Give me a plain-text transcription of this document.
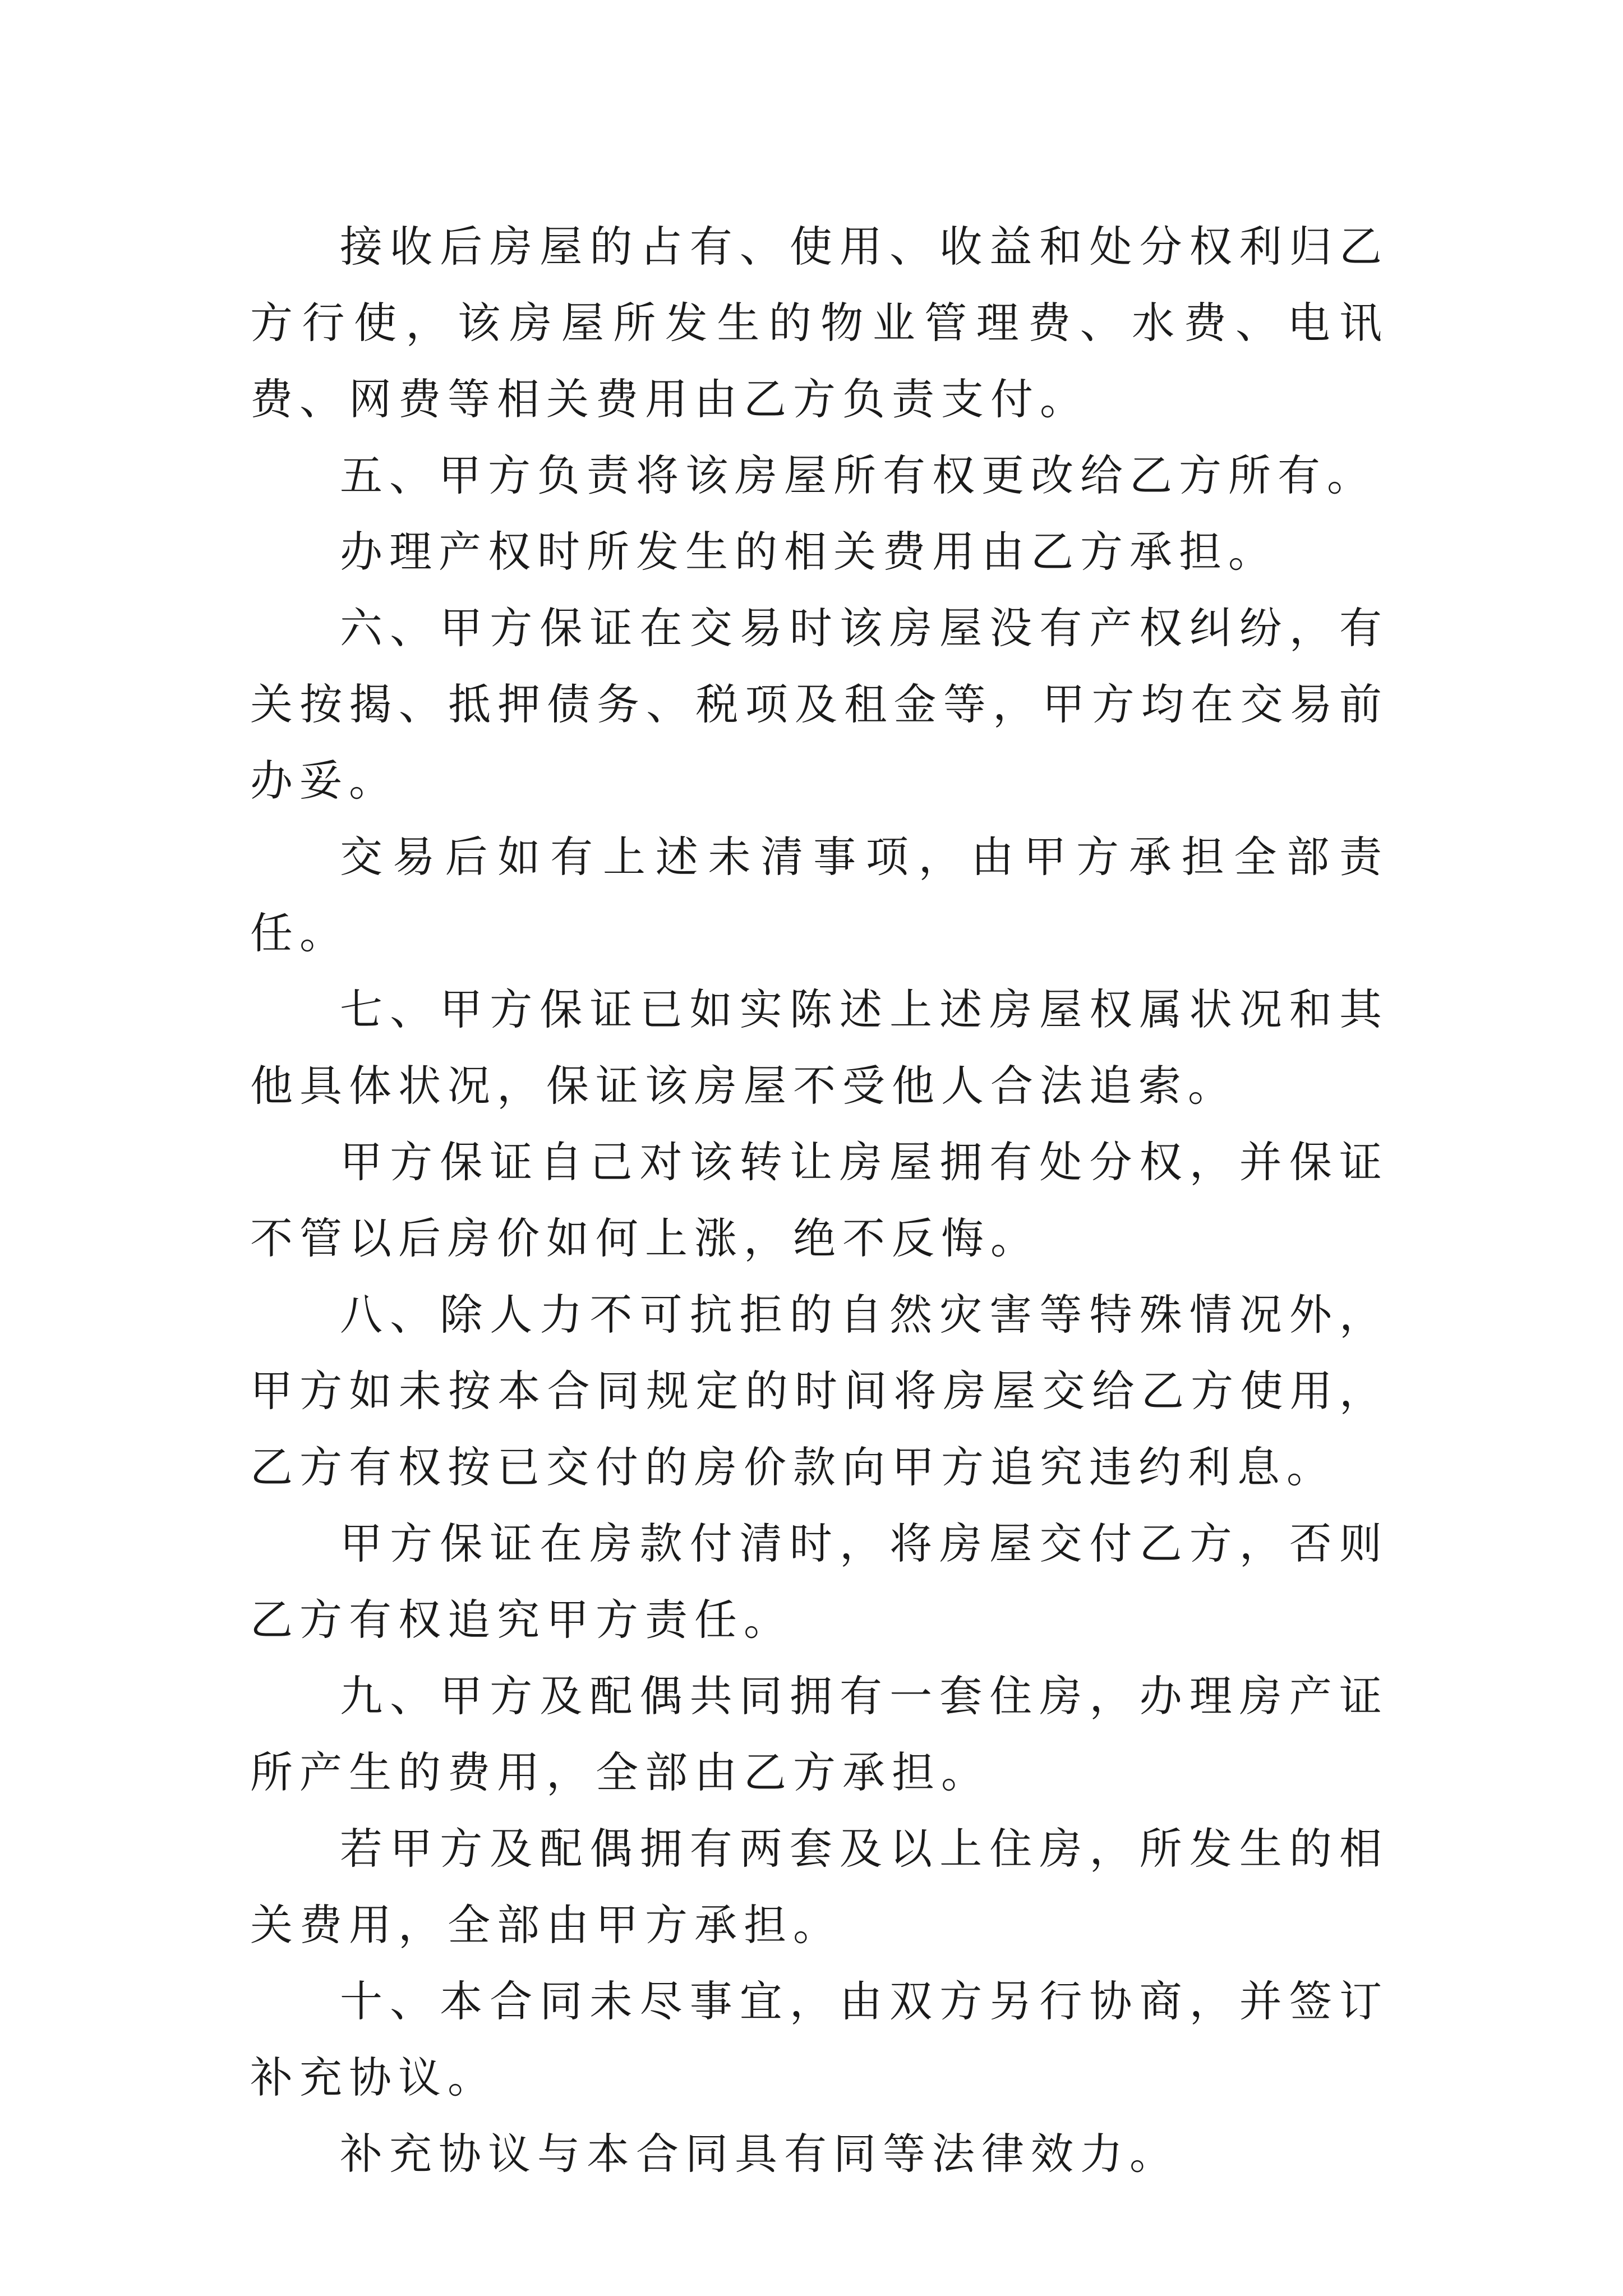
接收后房屋的占有、使用、收益和处分权利归乙方行使，该房屋所发生的物业管理费、水费、电讯费、网费等相关费用由乙方负责支付。

五、甲方负责将该房屋所有权更改给乙方所有。

办理产权时所发生的相关费用由乙方承担。

六、甲方保证在交易时该房屋没有产权纠纷，有关按揭、抵押债务、税项及租金等，甲方均在交易前办妥。

交易后如有上述未清事项，由甲方承担全部责任。

七、甲方保证已如实陈述上述房屋权属状况和其他具体状况，保证该房屋不受他人合法追索。

甲方保证自己对该转让房屋拥有处分权，并保证不管以后房价如何上涨，绝不反悔。

八、除人力不可抗拒的自然灾害等特殊情况外，甲方如未按本合同规定的时间将房屋交给乙方使用，乙方有权按已交付的房价款向甲方追究违约利息。

甲方保证在房款付清时，将房屋交付乙方，否则乙方有权追究甲方责任。

九、甲方及配偶共同拥有一套住房，办理房产证所产生的费用，全部由乙方承担。

若甲方及配偶拥有两套及以上住房，所发生的相关费用，全部由甲方承担。

十、本合同未尽事宜，由双方另行协商，并签订补充协议。

补充协议与本合同具有同等法律效力。
